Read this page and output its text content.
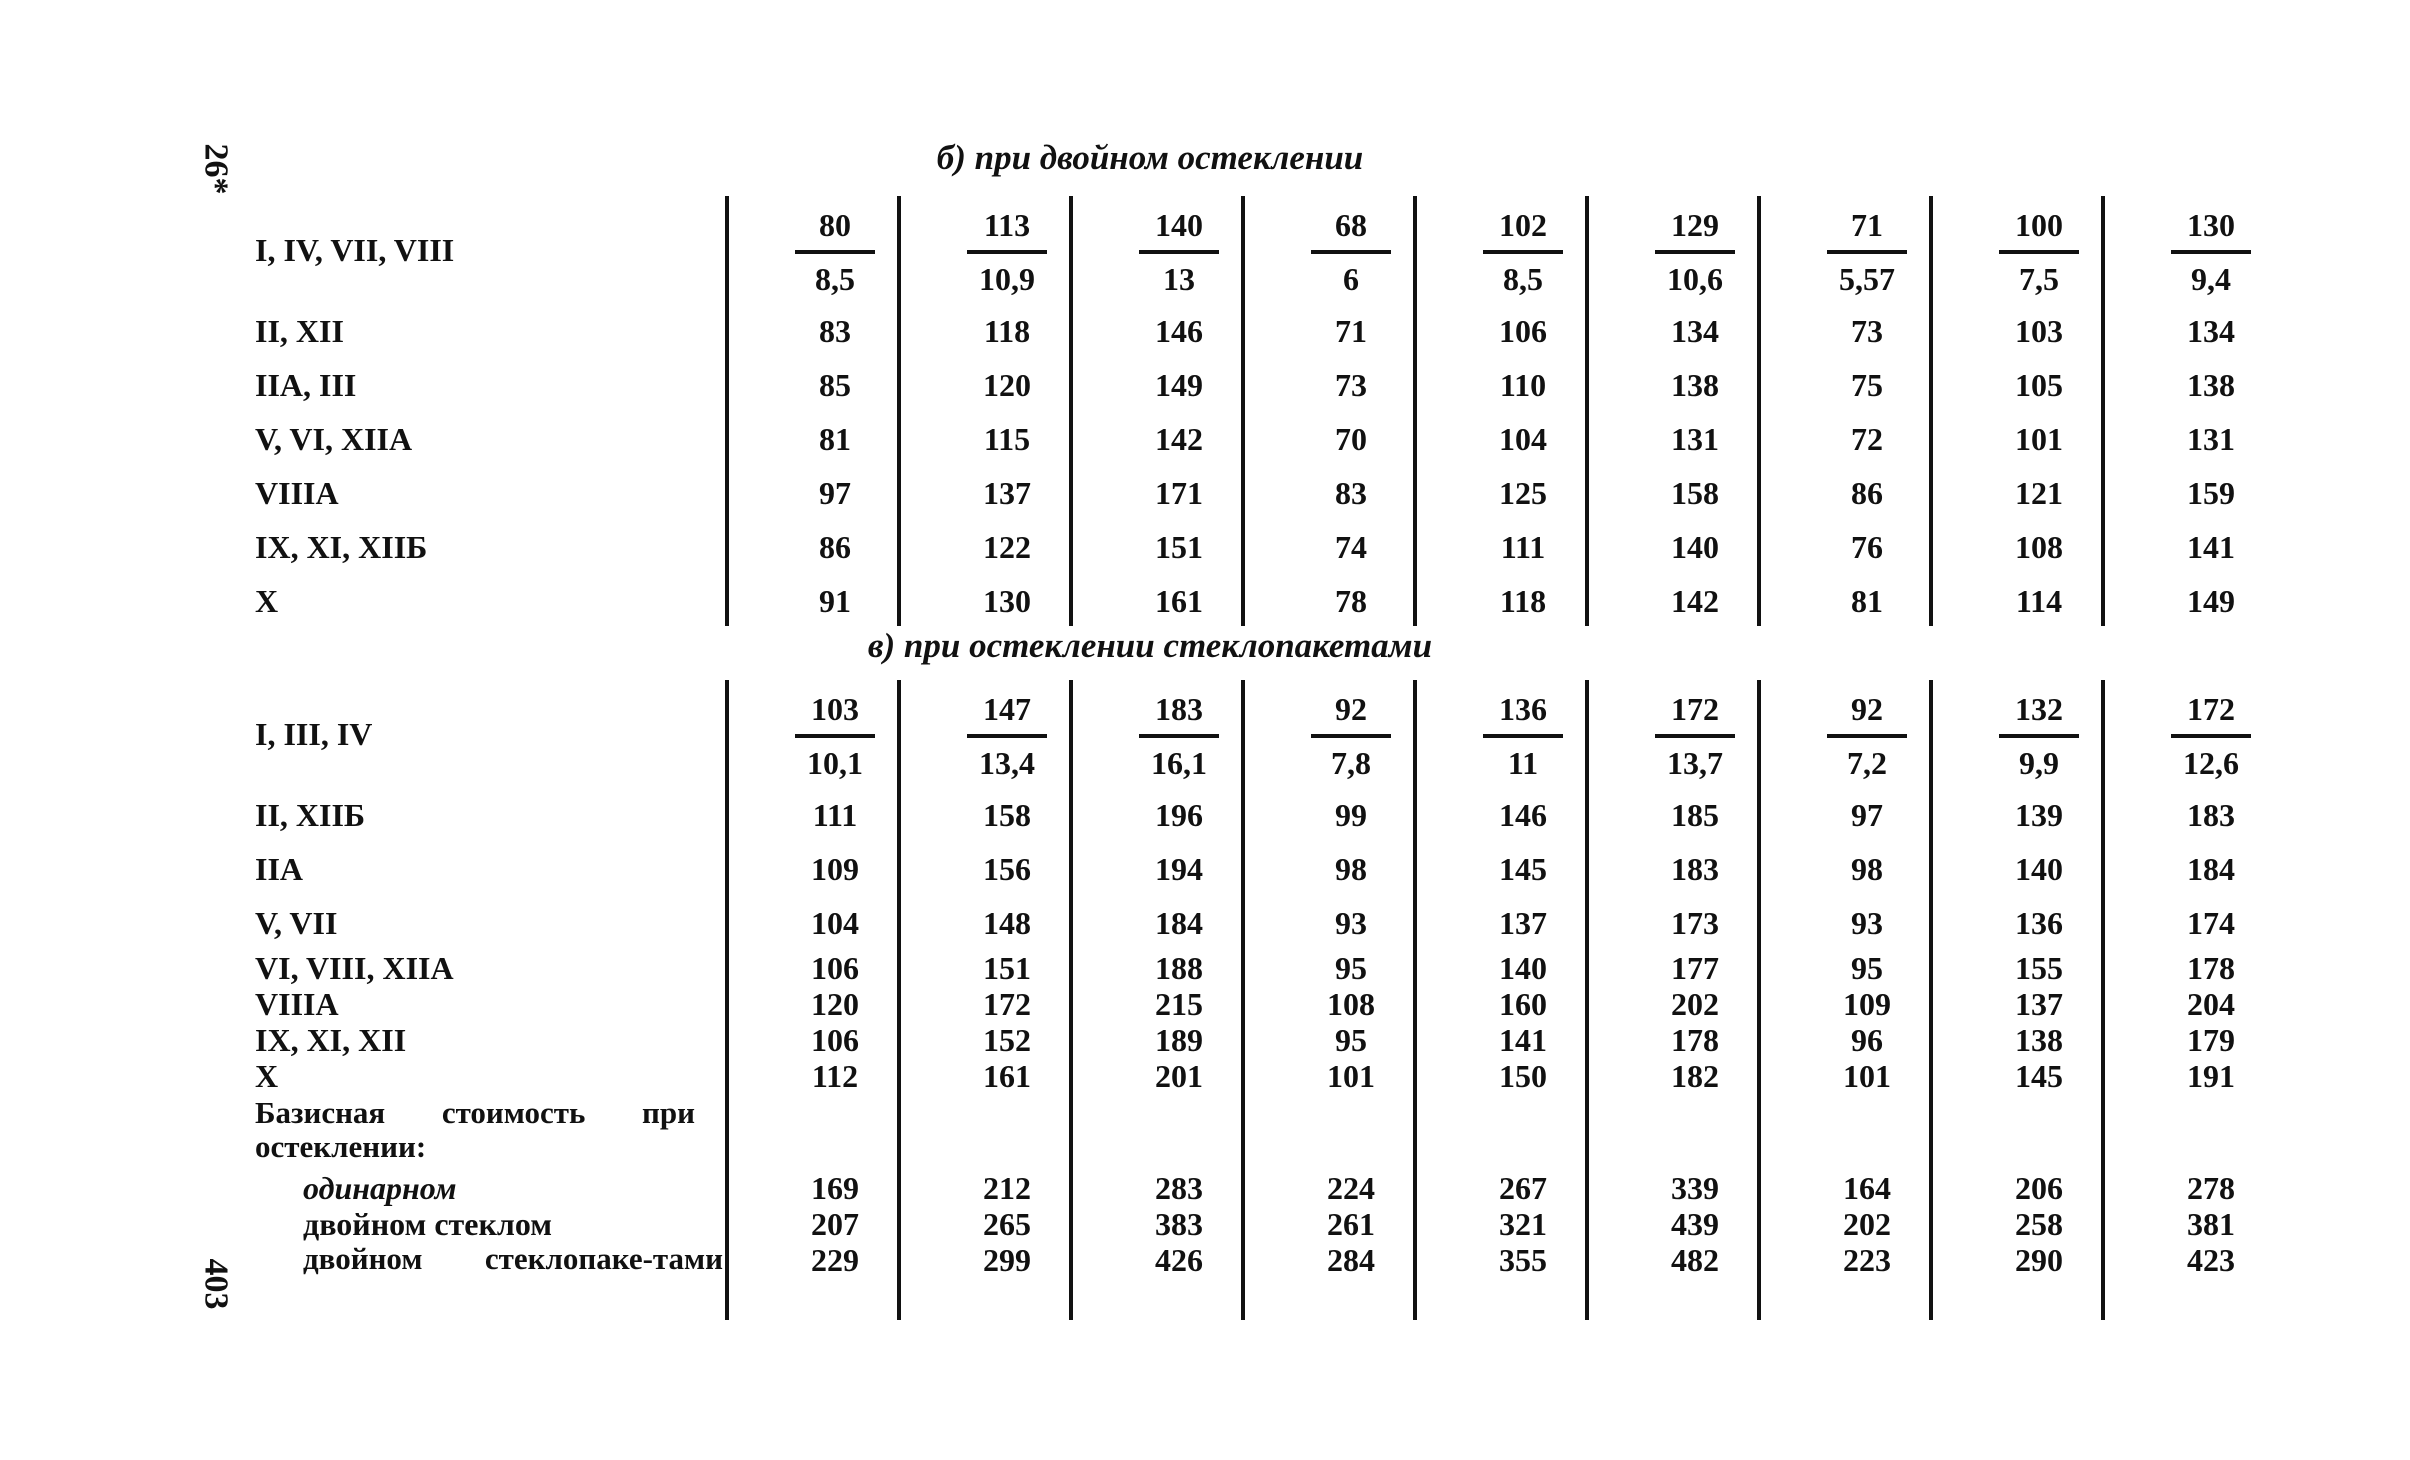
26*
403
б) при двойном остеклении
I, IV, VII, VIII
80	113	140	68	102	129	71	100	130
8,5	10,9	13	6	8,5	10,6	5,57	7,5	9,4
II, XII	83	118	146	71	106	134	73	103	134
IIA, III	85	120	149	73	110	138	75	105	138
V, VI, XIIA	81	115	142	70	104	131	72	101	131
VIIIA	97	137	171	83	125	158	86	121	159
IX, XI, XIIБ	86	122	151	74	111	140	76	108	141
X	91	130	161	78	118	142	81	114	149
в) при остеклении стеклопакетами
I, III, IV
103	147	183	92	136	172	92	132	172
10,1	13,4	16,1	7,8	11	13,7	7,2	9,9	12,6
II, XIIБ	111	158	196	99	146	185	97	139	183
IIA	109	156	194	98	145	183	98	140	184
V, VII	104	148	184	93	137	173	93	136	174
VI, VIII, XIIA	106	151	188	95	140	177	95	155	178
VIIIA	120	172	215	108	160	202	109	137	204
IX, XI, XII	106	152	189	95	141	178	96	138	179
X	112	161	201	101	150	182	101	145	191
Базисная стоимость при остеклении:
одинарном	169	212	283	224	267	339	164	206	278
двойном стеклом	207	265	383	261	321	439	202	258	381
двойном стеклопаке-тами	229	299	426	284	355	482	223	290	423
